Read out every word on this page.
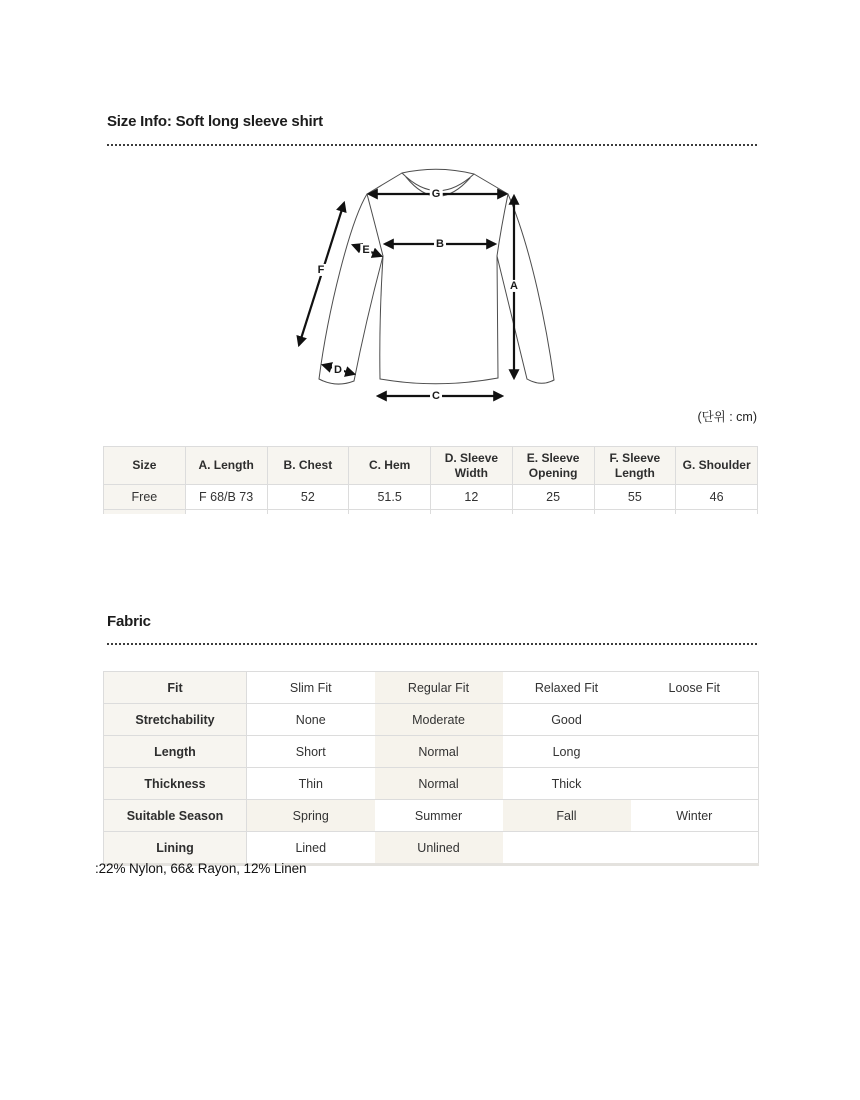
Size Info: Soft long sleeve shirt
G
B
A
C
F
E
D
(단위 : cm)
Size	A. Length	B. Chest	C. Hem	D. Sleeve Width	E. Sleeve Opening	F. Sleeve Length	G. Shoulder
Free	F 68/B 73	52	51.5	12	25	55	46

Fabric
Fit	Slim Fit	Regular Fit	Relaxed Fit	Loose Fit
Stretchability	None	Moderate	Good	
Length	Short	Normal	Long	
Thickness	Thin	Normal	Thick	
Suitable Season	Spring	Summer	Fall	Winter
Lining	Lined	Unlined		
:22% Nylon, 66& Rayon, 12% Linen
